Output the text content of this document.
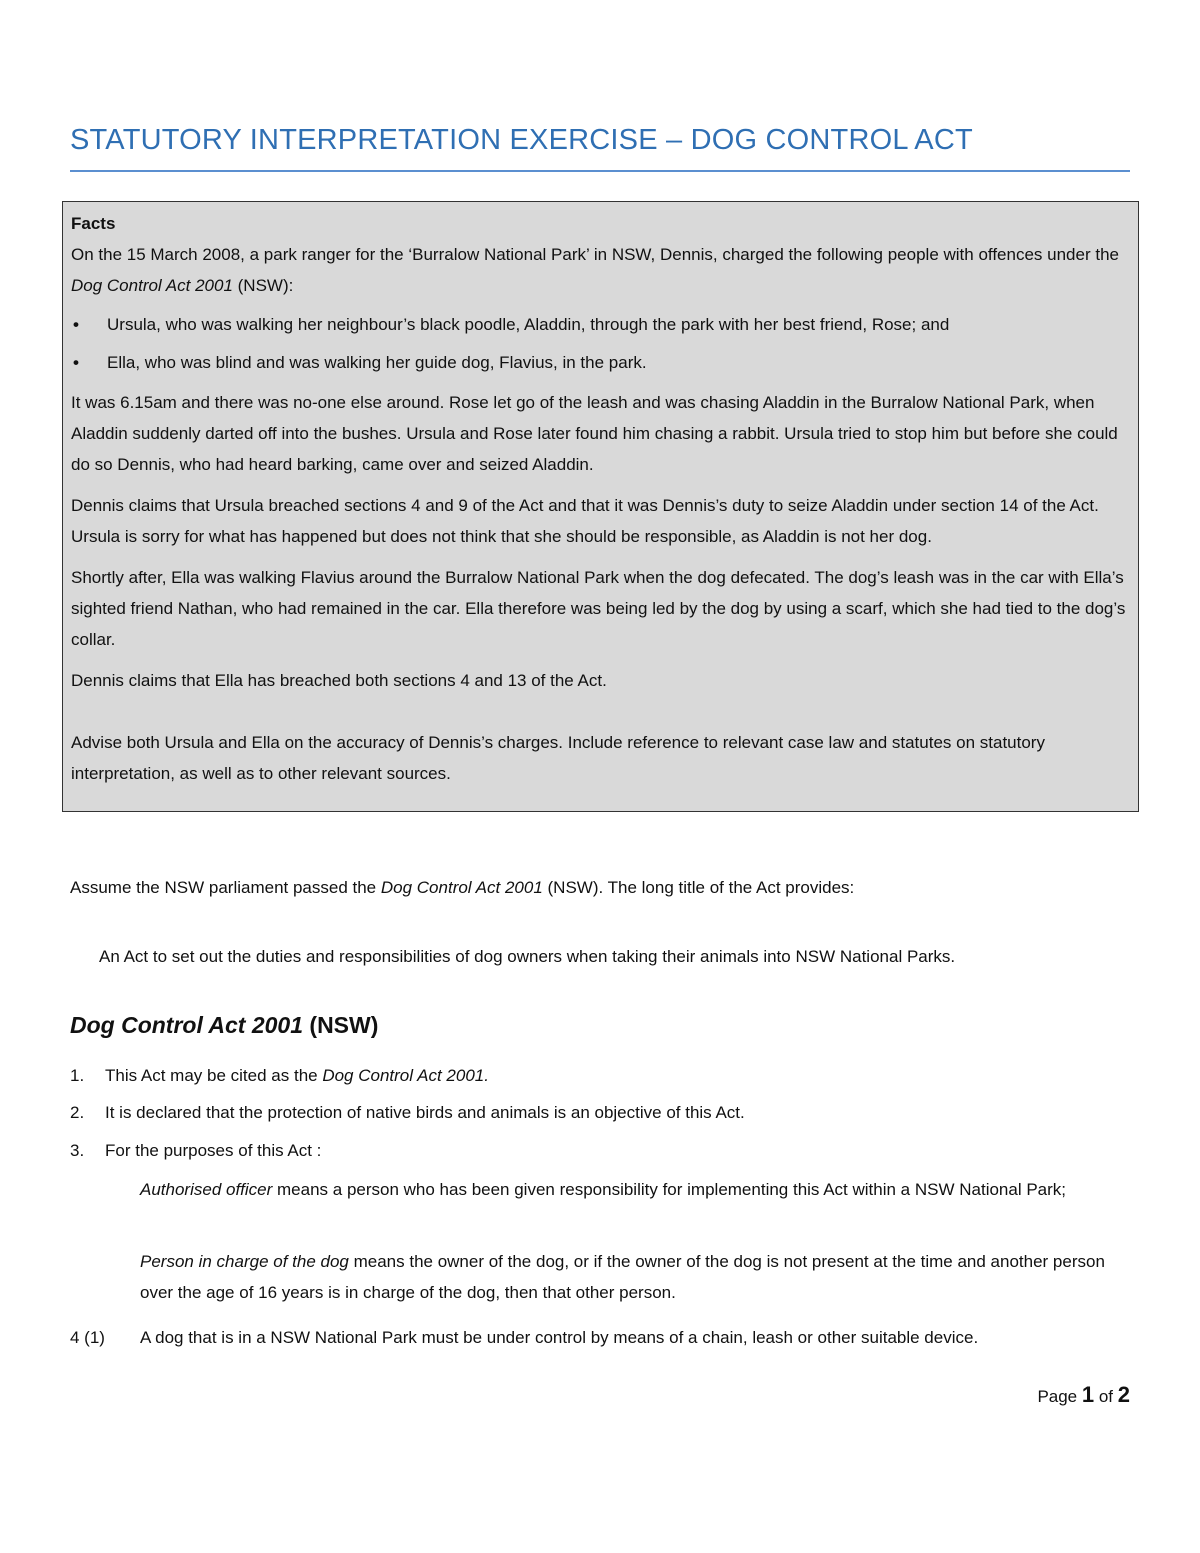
STATUTORY INTERPRETATION EXERCISE – DOG CONTROL ACT

Facts

On the 15 March 2008, a park ranger for the ‘Burralow National Park’ in NSW, Dennis, charged the following people with offences under the Dog Control Act 2001 (NSW):

• Ursula, who was walking her neighbour’s black poodle, Aladdin, through the park with her best friend, Rose; and
• Ella, who was blind and was walking her guide dog, Flavius, in the park.

It was 6.15am and there was no-one else around. Rose let go of the leash and was chasing Aladdin in the Burralow National Park, when Aladdin suddenly darted off into the bushes. Ursula and Rose later found him chasing a rabbit. Ursula tried to stop him but before she could do so Dennis, who had heard barking, came over and seized Aladdin.

Dennis claims that Ursula breached sections 4 and 9 of the Act and that it was Dennis’s duty to seize Aladdin under section 14 of the Act. Ursula is sorry for what has happened but does not think that she should be responsible, as Aladdin is not her dog.

Shortly after, Ella was walking Flavius around the Burralow National Park when the dog defecated. The dog’s leash was in the car with Ella’s sighted friend Nathan, who had remained in the car. Ella therefore was being led by the dog by using a scarf, which she had tied to the dog’s collar.

Dennis claims that Ella has breached both sections 4 and 13 of the Act.

Advise both Ursula and Ella on the accuracy of Dennis’s charges. Include reference to relevant case law and statutes on statutory interpretation, as well as to other relevant sources.

Assume the NSW parliament passed the Dog Control Act 2001 (NSW). The long title of the Act provides:
An Act to set out the duties and responsibilities of dog owners when taking their animals into NSW National Parks.
Dog Control Act 2001 (NSW)
1. This Act may be cited as the Dog Control Act 2001.
2. It is declared that the protection of native birds and animals is an objective of this Act.
3. For the purposes of this Act :
Authorised officer means a person who has been given responsibility for implementing this Act within a NSW National Park;
Person in charge of the dog means the owner of the dog, or if the owner of the dog is not present at the time and another person over the age of 16 years is in charge of the dog, then that other person.
4 (1) A dog that is in a NSW National Park must be under control by means of a chain, leash or other suitable device.
Page 1 of 2
